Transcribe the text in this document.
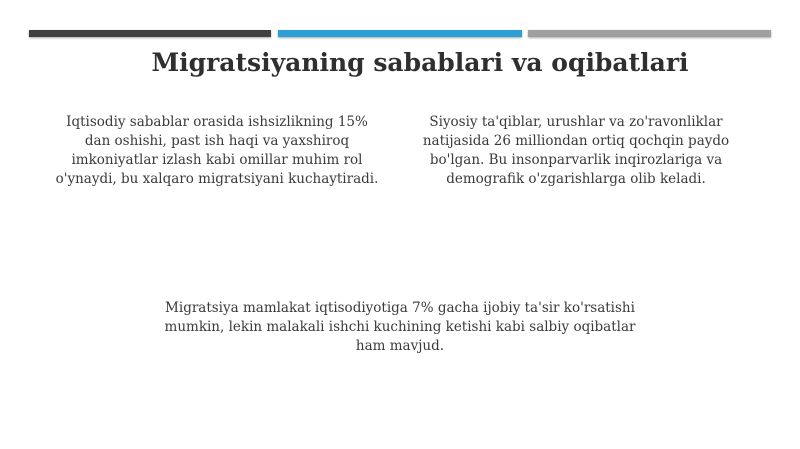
Migratsiyaning sabablari va oqibatlari
Iqtisodiy sabablar orasida ishsizlikning 15% dan oshishi, past ish haqi va yaxshiroq imkoniyatlar izlash kabi omillar muhim rol o'ynaydi, bu xalqaro migratsiyani kuchaytiradi.
Siyosiy ta'qiblar, urushlar va zo'ravonliklar natijasida 26 milliondan ortiq qochqin paydo bo'lgan. Bu insonparvarlik inqirozlariga va demografik o'zgarishlarga olib keladi.
Migratsiya mamlakat iqtisodiyotiga 7% gacha ijobiy ta'sir ko'rsatishi mumkin, lekin malakali ishchi kuchining ketishi kabi salbiy oqibatlar ham mavjud.
